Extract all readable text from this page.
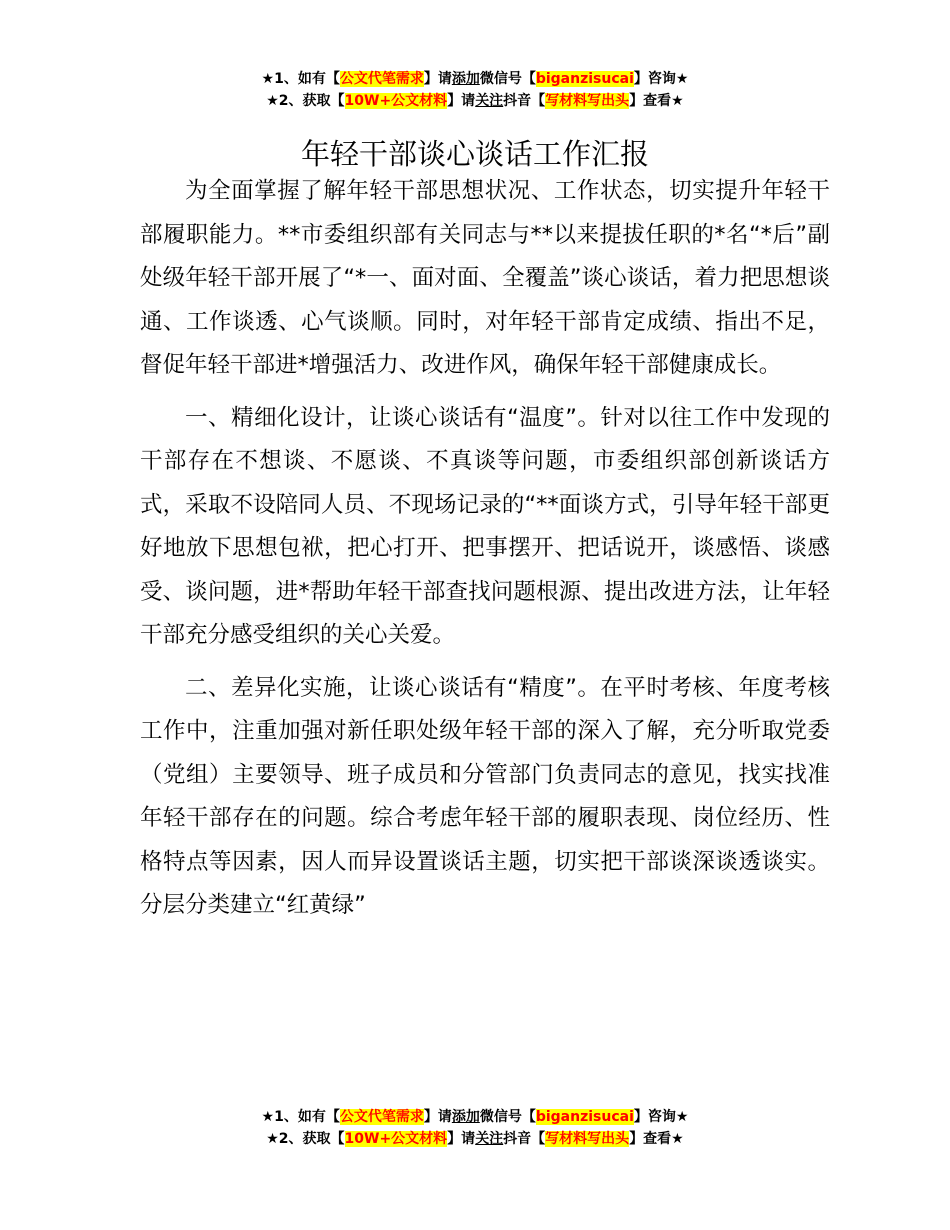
★1、如有【公文代笔需求】请添加微信号【biganzisucai】咨询★
★2、获取【10W+公文材料】请关注抖音【写材料写出头】查看★
年轻干部谈心谈话工作汇报

为全面掌握了解年轻干部思想状况、工作状态，切实提升年轻干部履职能力。**市委组织部有关同志与**以来提拔任职的*名“*后”副处级年轻干部开展了“*一、面对面、全覆盖”谈心谈话，着力把思想谈通、工作谈透、心气谈顺。同时，对年轻干部肯定成绩、指出不足，督促年轻干部进*增强活力、改进作风，确保年轻干部健康成长。

一、精细化设计，让谈心谈话有“温度”。针对以往工作中发现的干部存在不想谈、不愿谈、不真谈等问题，市委组织部创新谈话方式，采取不设陪同人员、不现场记录的“**面谈方式，引导年轻干部更好地放下思想包袱，把心打开、把事摆开、把话说开，谈感悟、谈感受、谈问题，进*帮助年轻干部查找问题根源、提出改进方法，让年轻干部充分感受组织的关心关爱。

二、差异化实施，让谈心谈话有“精度”。在平时考核、年度考核工作中，注重加强对新任职处级年轻干部的深入了解，充分听取党委（党组）主要领导、班子成员和分管部门负责同志的意见，找实找准年轻干部存在的问题。综合考虑年轻干部的履职表现、岗位经历、性格特点等因素，因人而异设置谈话主题，切实把干部谈深谈透谈实。分层分类建立“红黄绿”

★1、如有【公文代笔需求】请添加微信号【biganzisucai】咨询★
★2、获取【10W+公文材料】请关注抖音【写材料写出头】查看★
